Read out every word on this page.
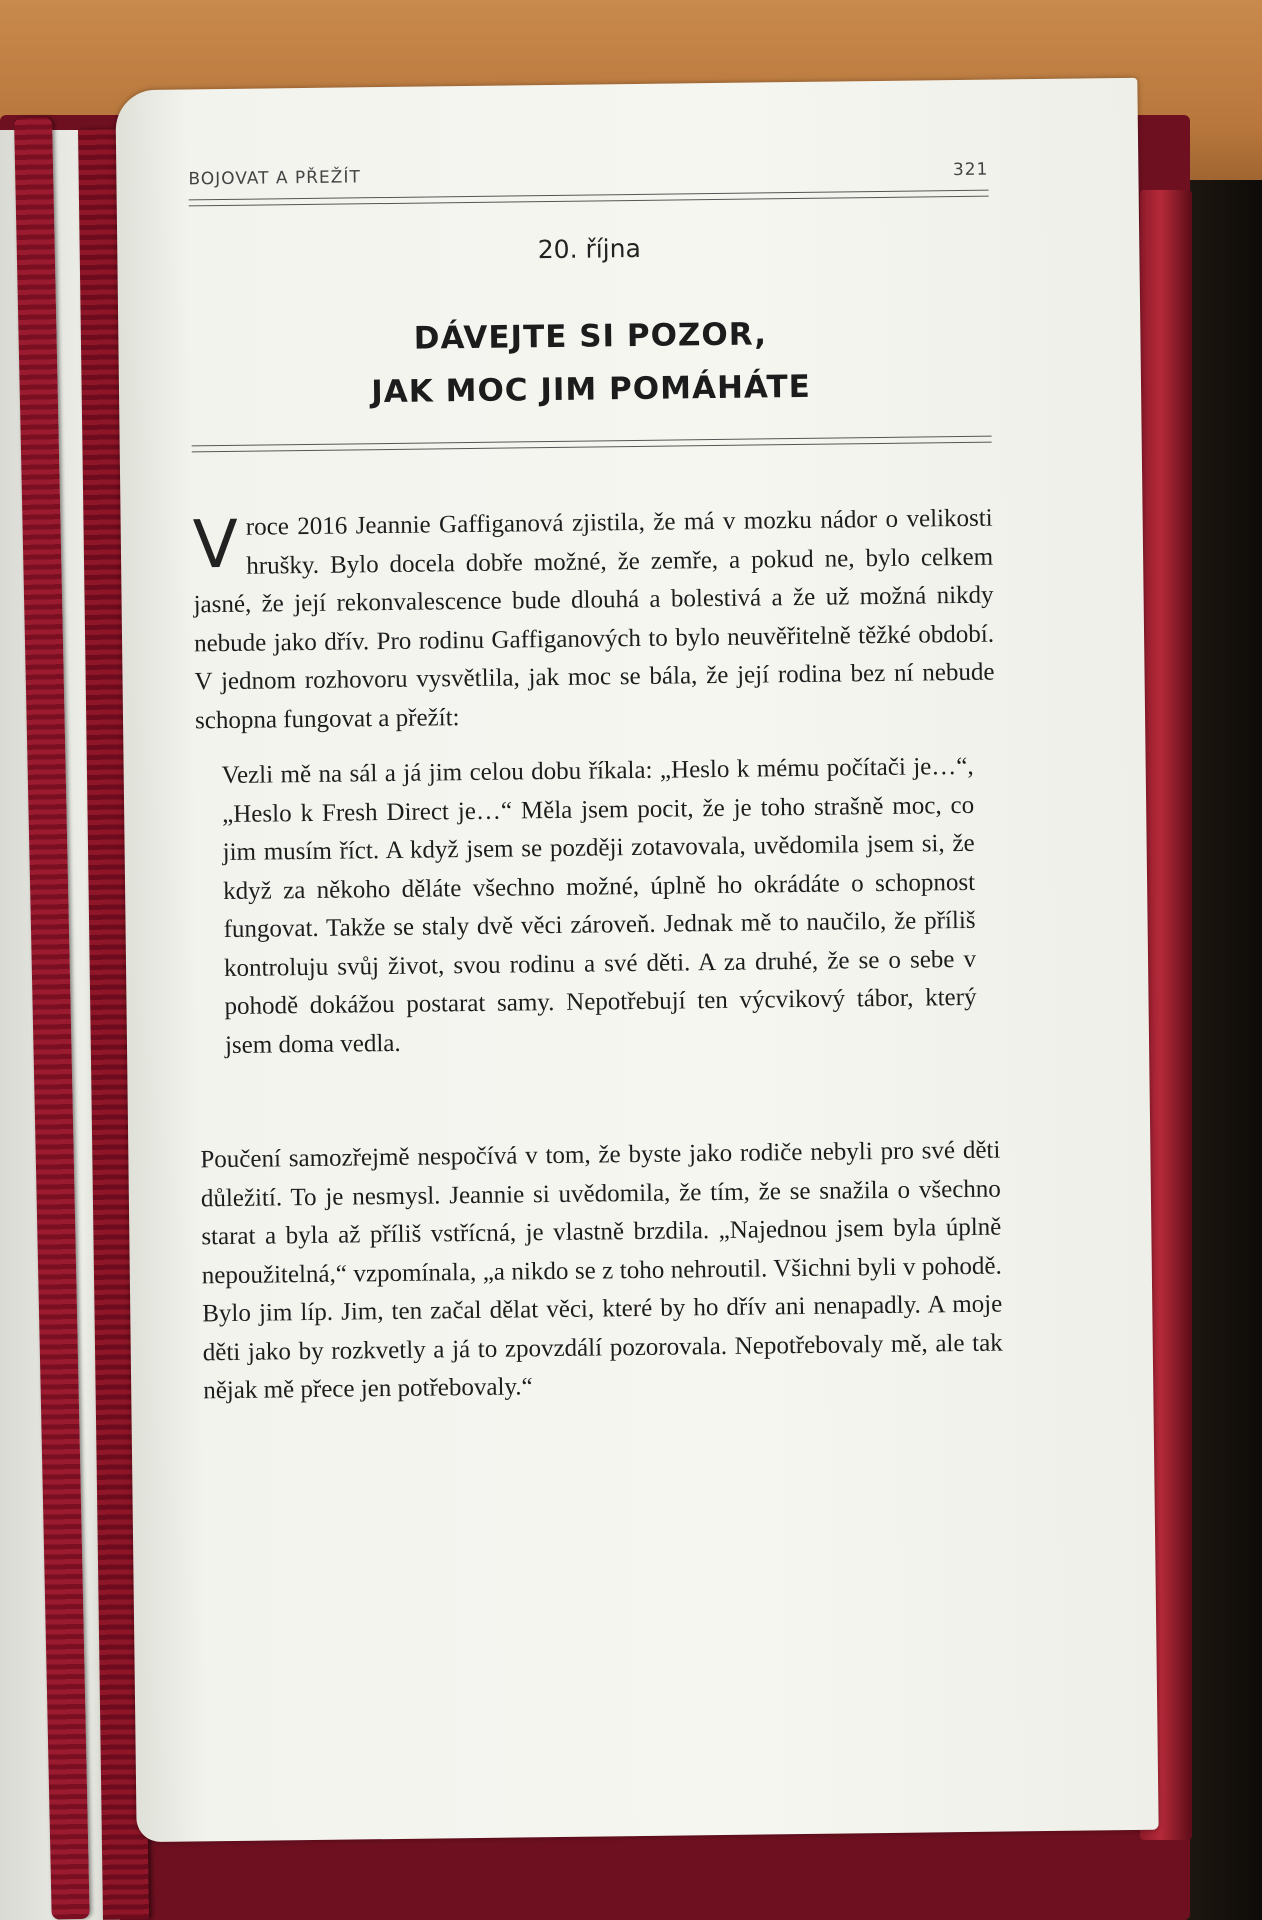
BOJOVAT A PŘEŽÍT	321
20. října
DÁVEJTE SI POZOR,
JAK MOC JIM POMÁHÁTE
V roce 2016 Jeannie Gaffiganová zjistila, že má v mozku nádor o velikosti hrušky. Bylo docela dobře možné, že zemře, a pokud ne, bylo celkem jasné, že její rekonvalescence bude dlouhá a bolestivá a že už možná nikdy nebude jako dřív. Pro rodinu Gaffiganových to bylo neuvěřitelně těžké období. V jednom rozhovoru vysvětlila, jak moc se bála, že její rodina bez ní nebude schopna fungovat a přežít:
Vezli mě na sál a já jim celou dobu říkala: „Heslo k mému počítači je…“, „Heslo k Fresh Direct je…“ Měla jsem pocit, že je toho strašně moc, co jim musím říct. A když jsem se později zotavovala, uvědomila jsem si, že když za někoho děláte všechno možné, úplně ho okrádáte o schopnost fungovat. Takže se staly dvě věci zároveň. Jednak mě to naučilo, že příliš kontroluju svůj život, svou rodinu a své děti. A za druhé, že se o sebe v pohodě dokážou postarat samy. Nepotřebují ten výcvikový tábor, který jsem doma vedla.
Poučení samozřejmě nespočívá v tom, že byste jako rodiče nebyli pro své děti důležití. To je nesmysl. Jeannie si uvědomila, že tím, že se snažila o všechno starat a byla až příliš vstřícná, je vlastně brzdila. „Najednou jsem byla úplně nepoužitelná,“ vzpomínala, „a nikdo se z toho nehroutil. Všichni byli v pohodě. Bylo jim líp. Jim, ten začal dělat věci, které by ho dřív ani nenapadly. A moje děti jako by rozkvetly a já to zpovzdálí pozorovala. Nepotřebovaly mě, ale tak nějak mě přece jen potřebovaly.“
